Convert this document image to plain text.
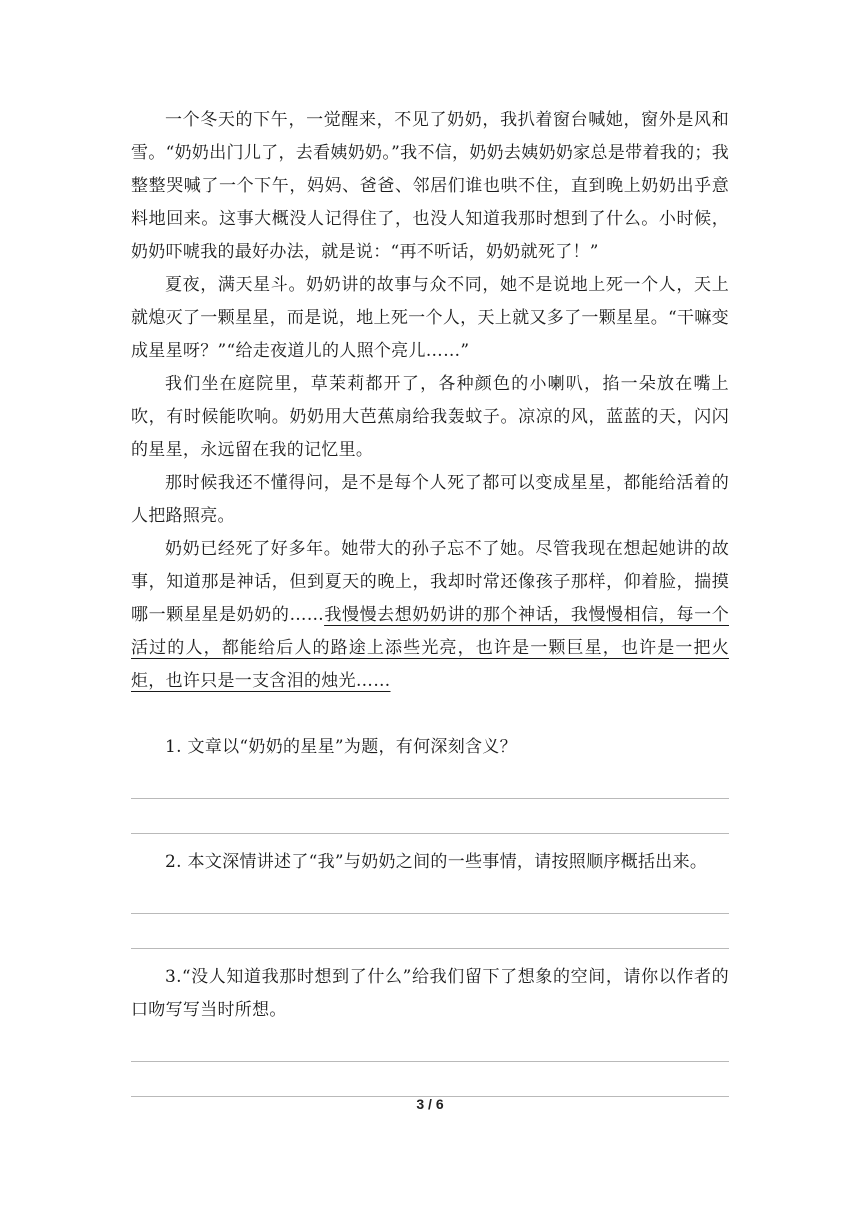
一个冬天的下午，一觉醒来，不见了奶奶，我扒着窗台喊她，窗外是风和雪。“奶奶出门儿了，去看姨奶奶。”我不信，奶奶去姨奶奶家总是带着我的；我整整哭喊了一个下午，妈妈、爸爸、邻居们谁也哄不住，直到晚上奶奶出乎意料地回来。这事大概没人记得住了，也没人知道我那时想到了什么。小时候，奶奶吓唬我的最好办法，就是说：“再不听话，奶奶就死了！”

夏夜，满天星斗。奶奶讲的故事与众不同，她不是说地上死一个人，天上就熄灭了一颗星星，而是说，地上死一个人，天上就又多了一颗星星。“干嘛变成星星呀？”“给走夜道儿的人照个亮儿……”

我们坐在庭院里，草茉莉都开了，各种颜色的小喇叭，掐一朵放在嘴上吹，有时候能吹响。奶奶用大芭蕉扇给我轰蚊子。凉凉的风，蓝蓝的天，闪闪的星星，永远留在我的记忆里。

那时候我还不懂得问，是不是每个人死了都可以变成星星，都能给活着的人把路照亮。

奶奶已经死了好多年。她带大的孙子忘不了她。尽管我现在想起她讲的故事，知道那是神话，但到夏天的晚上，我却时常还像孩子那样，仰着脸，揣摸哪一颗星星是奶奶的……我慢慢去想奶奶讲的那个神话，我慢慢相信，每一个活过的人，都能给后人的路途上添些光亮，也许是一颗巨星，也许是一把火炬，也许只是一支含泪的烛光……

1. 文章以“奶奶的星星”为题，有何深刻含义？

2. 本文深情讲述了“我”与奶奶之间的一些事情，请按照顺序概括出来。

3.“没人知道我那时想到了什么”给我们留下了想象的空间，请你以作者的口吻写写当时所想。

3 / 6
